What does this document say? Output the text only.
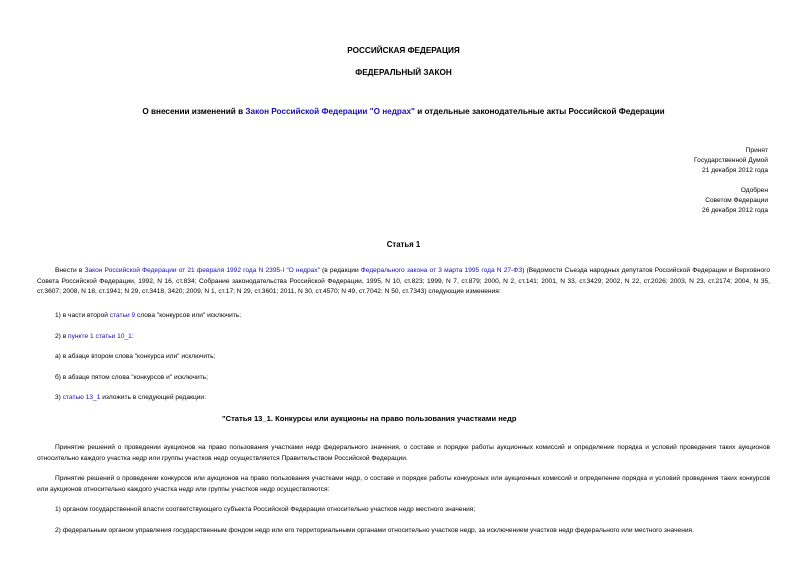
РОССИЙСКАЯ ФЕДЕРАЦИЯ
ФЕДЕРАЛЬНЫЙ ЗАКОН
О внесении изменений в Закон Российской Федерации "О недрах" и отдельные законодательные акты Российской Федерации
Принят
Государственной Думой
21 декабря 2012 года
Одобрен
Советом Федерации
26 декабря 2012 года
Статья 1
Внести в Закон Российской Федерации от 21 февраля 1992 года N 2395-I "О недрах" (в редакции Федерального закона от 3 марта 1995 года N 27-ФЗ) (Ведомости Съезда народных депутатов Российской Федерации и Верховного Совета Российской Федерации, 1992, N 16, ст.834; Собрание законодательства Российской Федерации, 1995, N 10, ст.823; 1999, N 7, ст.879; 2000, N 2, ст.141; 2001, N 33, ст.3429; 2002, N 22, ст.2026; 2003, N 23, ст.2174; 2004, N 35, ст.3607; 2008, N 18, ст.1941; N 29, ст.3418, 3420; 2009, N 1, ст.17; N 29, ст.3601; 2011, N 30, ст.4570; N 49, ст.7042; N 50, ст.7343) следующие изменения:
1) в части второй статьи 9 слова "конкурсов или" исключить;
2) в пункте 1 статьи 10_1:
а) в абзаце втором слова "конкурса или" исключить;
б) в абзаце пятом слова "конкурсов и" исключить;
3) статью 13_1 изложить в следующей редакции:
"Статья 13_1. Конкурсы или аукционы на право пользования участками недр
Принятие решений о проведении аукционов на право пользования участками недр федерального значения, о составе и порядке работы аукционных комиссий и определение порядка и условий проведения таких аукционов относительно каждого участка недр или группы участков недр осуществляется Правительством Российской Федерации.
Принятие решений о проведении конкурсов или аукционов на право пользования участками недр, о составе и порядке работы конкурсных или аукционных комиссий и определение порядка и условий проведения таких конкурсов или аукционов относительно каждого участка недр или группы участков недр осуществляются:
1) органом государственной власти соответствующего субъекта Российской Федерации относительно участков недр местного значения;
2) федеральным органом управления государственным фондом недр или его территориальными органами относительно участков недр, за исключением участков недр федерального или местного значения.
